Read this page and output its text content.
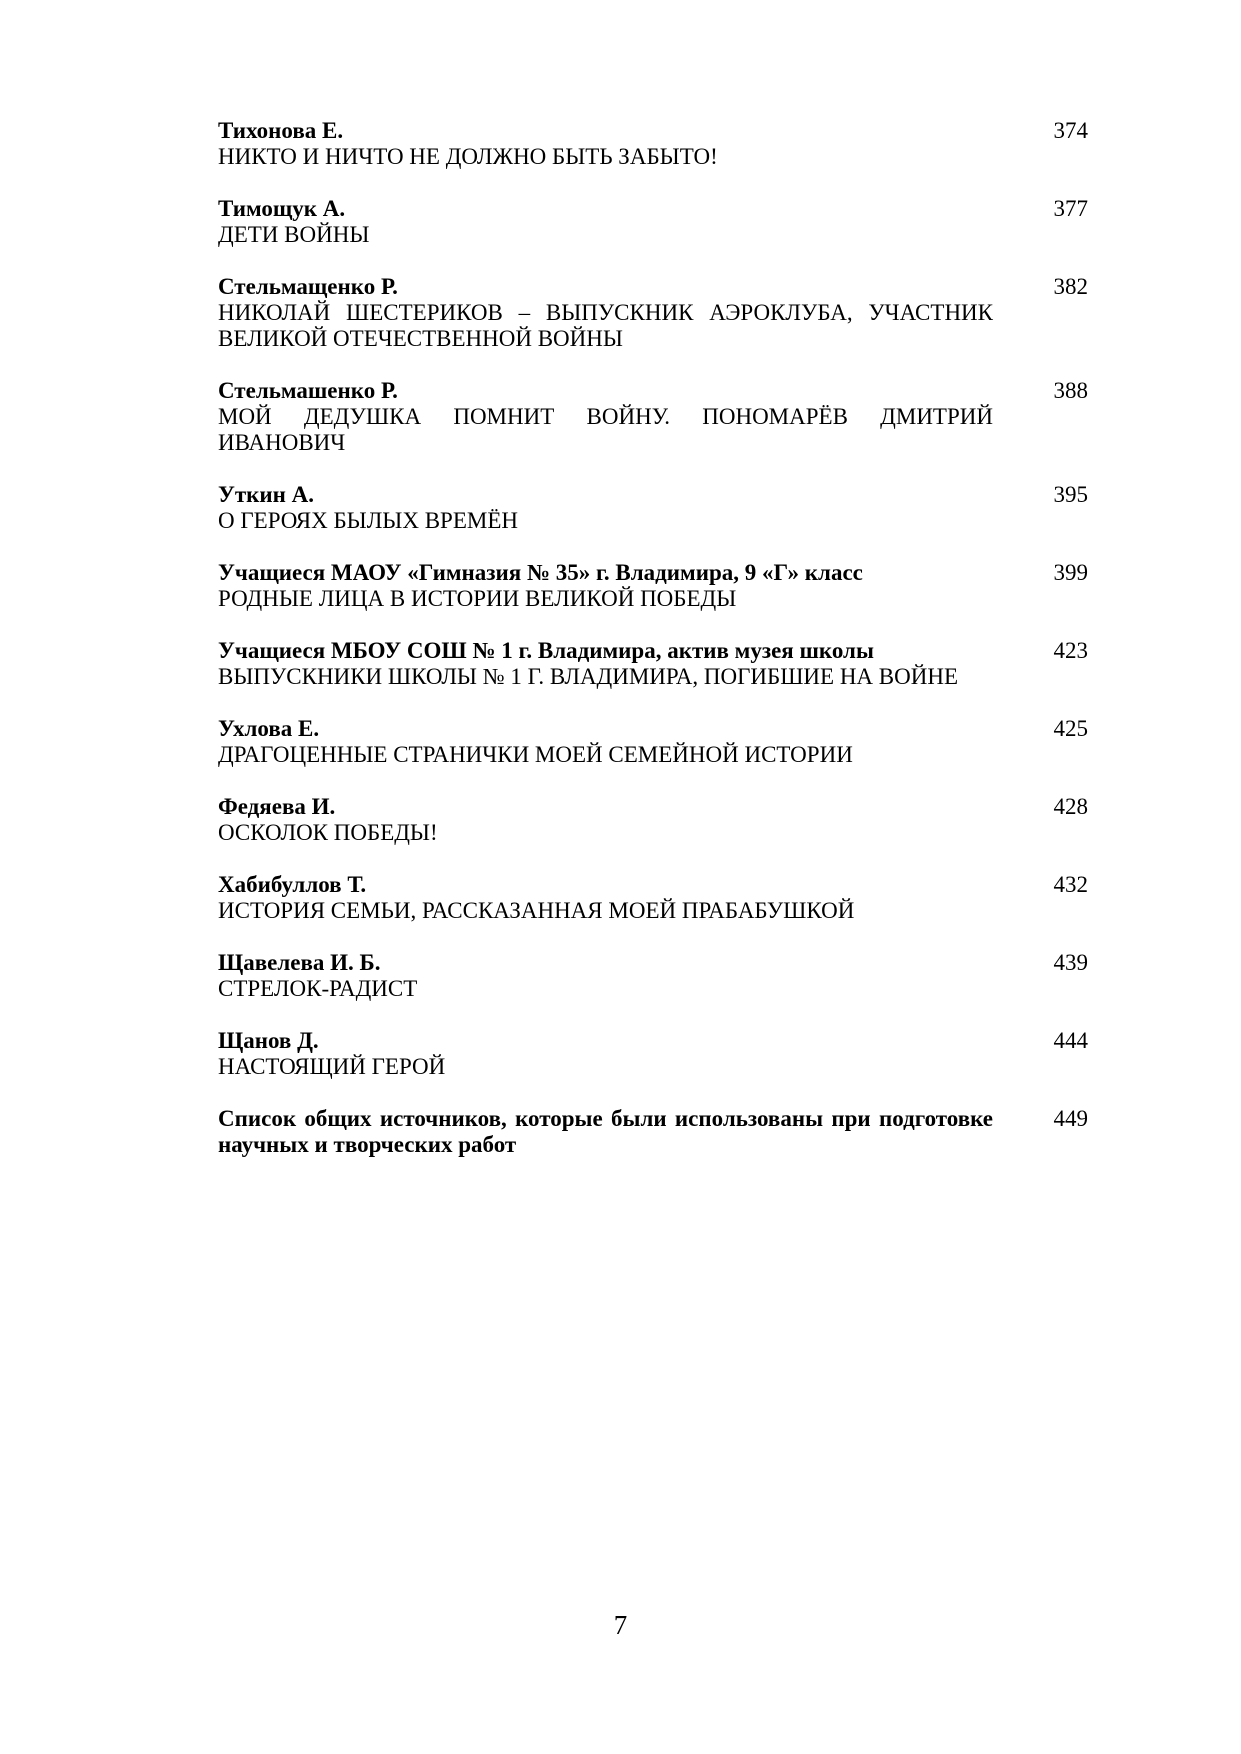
Тихонова Е.
НИКТО И НИЧТО НЕ ДОЛЖНО БЫТЬ ЗАБЫТО!
374
Тимощук А.
ДЕТИ ВОЙНЫ
377
Стельмащенко Р.
НИКОЛАЙ ШЕСТЕРИКОВ – ВЫПУСКНИК АЭРОКЛУБА, УЧАСТНИК ВЕЛИКОЙ ОТЕЧЕСТВЕННОЙ ВОЙНЫ
382
Стельмашенко Р.
МОЙ ДЕДУШКА ПОМНИТ ВОЙНУ. ПОНОМАРЁВ ДМИТРИЙ ИВАНОВИЧ
388
Уткин А.
О ГЕРОЯХ БЫЛЫХ ВРЕМЁН
395
Учащиеся МАОУ «Гимназия № 35» г. Владимира, 9 «Г» класс
РОДНЫЕ ЛИЦА В ИСТОРИИ ВЕЛИКОЙ ПОБЕДЫ
399
Учащиеся МБОУ СОШ № 1 г. Владимира, актив музея школы
ВЫПУСКНИКИ ШКОЛЫ № 1 Г. ВЛАДИМИРА, ПОГИБШИЕ НА ВОЙНЕ
423
Ухлова Е.
ДРАГОЦЕННЫЕ СТРАНИЧКИ МОЕЙ СЕМЕЙНОЙ ИСТОРИИ
425
Федяева И.
ОСКОЛОК ПОБЕДЫ!
428
Хабибуллов Т.
ИСТОРИЯ СЕМЬИ, РАССКАЗАННАЯ МОЕЙ ПРАБАБУШКОЙ
432
Щавелева И. Б.
СТРЕЛОК-РАДИСТ
439
Щанов Д.
НАСТОЯЩИЙ ГЕРОЙ
444
Список общих источников, которые были использованы при подготовке научных и творческих работ
449
7
